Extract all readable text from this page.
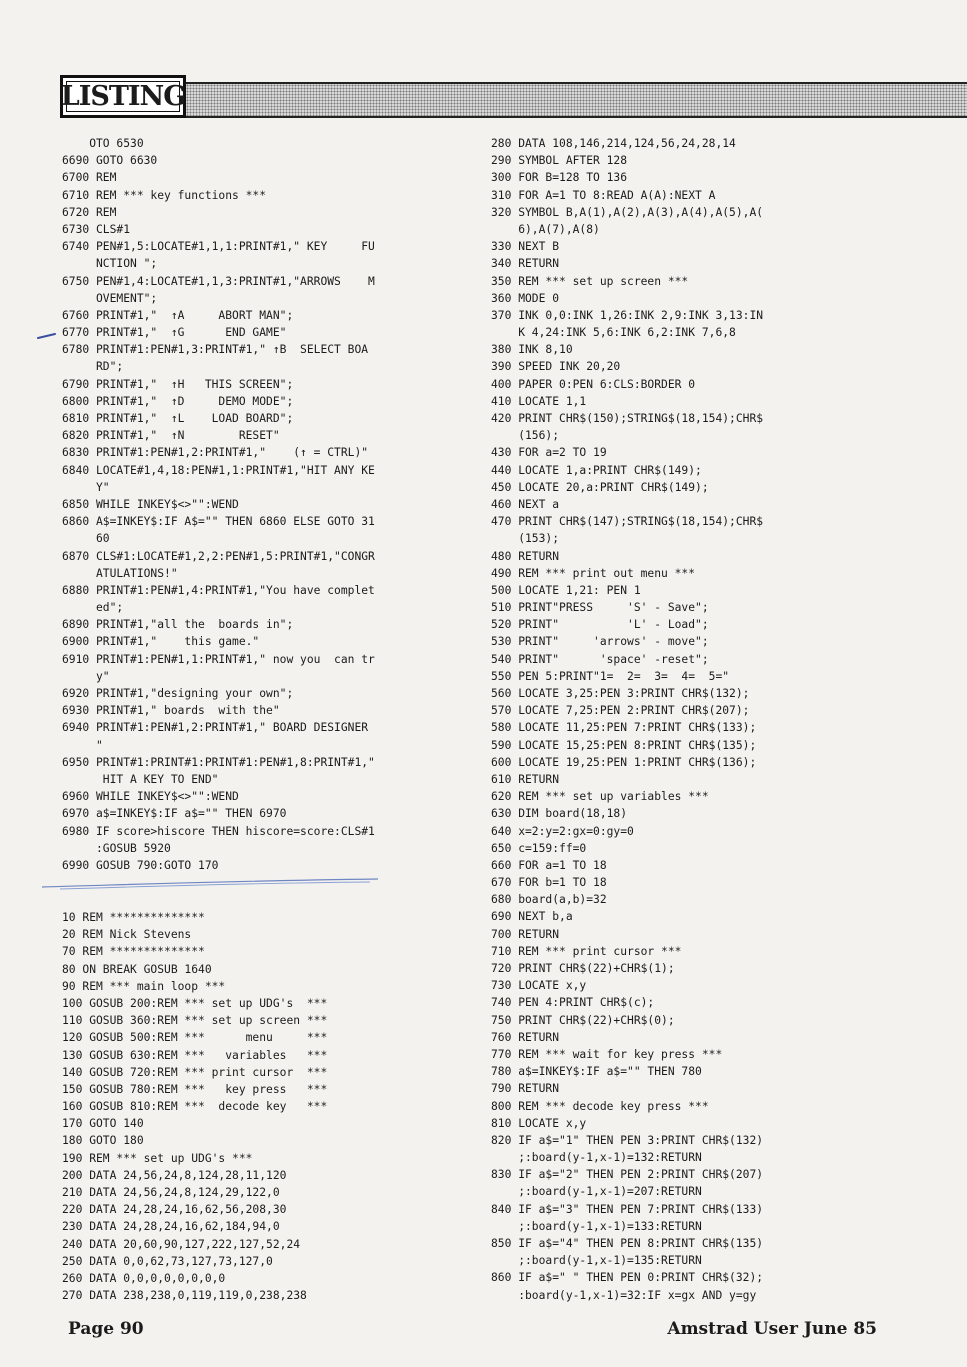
LISTING
OTO 6530
6690 GOTO 6630
6700 REM
6710 REM *** key functions ***
6720 REM
6730 CLS#1
6740 PEN#1,5:LOCATE#1,1,1:PRINT#1," KEY     FU
NCTION ";
6750 PEN#1,4:LOCATE#1,1,3:PRINT#1,"ARROWS    M
OVEMENT";
6760 PRINT#1,"  ↑A     ABORT MAN";
6770 PRINT#1,"  ↑G      END GAME"
6780 PRINT#1:PEN#1,3:PRINT#1," ↑B  SELECT BOA
RD";
6790 PRINT#1,"  ↑H   THIS SCREEN";
6800 PRINT#1,"  ↑D     DEMO MODE";
6810 PRINT#1,"  ↑L    LOAD BOARD";
6820 PRINT#1,"  ↑N        RESET"
6830 PRINT#1:PEN#1,2:PRINT#1,"    (↑ = CTRL)"
6840 LOCATE#1,4,18:PEN#1,1:PRINT#1,"HIT ANY KE
Y"
6850 WHILE INKEY$<>"":WEND
6860 A$=INKEY$:IF A$="" THEN 6860 ELSE GOTO 31
60
6870 CLS#1:LOCATE#1,2,2:PEN#1,5:PRINT#1,"CONGR
ATULATIONS!"
6880 PRINT#1:PEN#1,4:PRINT#1,"You have complet
ed";
6890 PRINT#1,"all the  boards in";
6900 PRINT#1,"    this game."
6910 PRINT#1:PEN#1,1:PRINT#1," now you  can tr
y"
6920 PRINT#1,"designing your own";
6930 PRINT#1," boards  with the"
6940 PRINT#1:PEN#1,2:PRINT#1," BOARD DESIGNER
"
6950 PRINT#1:PRINT#1:PRINT#1:PEN#1,8:PRINT#1,"
HIT A KEY TO END"
6960 WHILE INKEY$<>"":WEND
6970 a$=INKEY$:IF a$="" THEN 6970
6980 IF score>hiscore THEN hiscore=score:CLS#1
:GOSUB 5920
6990 GOSUB 790:GOTO 170
10 REM **************
20 REM Nick Stevens
70 REM **************
80 ON BREAK GOSUB 1640
90 REM *** main loop ***
100 GOSUB 200:REM *** set up UDG's  ***
110 GOSUB 360:REM *** set up screen ***
120 GOSUB 500:REM ***      menu     ***
130 GOSUB 630:REM ***   variables   ***
140 GOSUB 720:REM *** print cursor  ***
150 GOSUB 780:REM ***   key press   ***
160 GOSUB 810:REM ***  decode key   ***
170 GOTO 140
180 GOTO 180
190 REM *** set up UDG's ***
200 DATA 24,56,24,8,124,28,11,120
210 DATA 24,56,24,8,124,29,122,0
220 DATA 24,28,24,16,62,56,208,30
230 DATA 24,28,24,16,62,184,94,0
240 DATA 20,60,90,127,222,127,52,24
250 DATA 0,0,62,73,127,73,127,0
260 DATA 0,0,0,0,0,0,0,0
270 DATA 238,238,0,119,119,0,238,238
280 DATA 108,146,214,124,56,24,28,14
290 SYMBOL AFTER 128
300 FOR B=128 TO 136
310 FOR A=1 TO 8:READ A(A):NEXT A
320 SYMBOL B,A(1),A(2),A(3),A(4),A(5),A(
6),A(7),A(8)
330 NEXT B
340 RETURN
350 REM *** set up screen ***
360 MODE 0
370 INK 0,0:INK 1,26:INK 2,9:INK 3,13:IN
K 4,24:INK 5,6:INK 6,2:INK 7,6,8
380 INK 8,10
390 SPEED INK 20,20
400 PAPER 0:PEN 6:CLS:BORDER 0
410 LOCATE 1,1
420 PRINT CHR$(150);STRING$(18,154);CHR$
(156);
430 FOR a=2 TO 19
440 LOCATE 1,a:PRINT CHR$(149);
450 LOCATE 20,a:PRINT CHR$(149);
460 NEXT a
470 PRINT CHR$(147);STRING$(18,154);CHR$
(153);
480 RETURN
490 REM *** print out menu ***
500 LOCATE 1,21: PEN 1
510 PRINT"PRESS     'S' - Save";
520 PRINT"          'L' - Load";
530 PRINT"     'arrows' - move";
540 PRINT"      'space' -reset";
550 PEN 5:PRINT"1=  2=  3=  4=  5="
560 LOCATE 3,25:PEN 3:PRINT CHR$(132);
570 LOCATE 7,25:PEN 2:PRINT CHR$(207);
580 LOCATE 11,25:PEN 7:PRINT CHR$(133);
590 LOCATE 15,25:PEN 8:PRINT CHR$(135);
600 LOCATE 19,25:PEN 1:PRINT CHR$(136);
610 RETURN
620 REM *** set up variables ***
630 DIM board(18,18)
640 x=2:y=2:gx=0:gy=0
650 c=159:ff=0
660 FOR a=1 TO 18
670 FOR b=1 TO 18
680 board(a,b)=32
690 NEXT b,a
700 RETURN
710 REM *** print cursor ***
720 PRINT CHR$(22)+CHR$(1);
730 LOCATE x,y
740 PEN 4:PRINT CHR$(c);
750 PRINT CHR$(22)+CHR$(0);
760 RETURN
770 REM *** wait for key press ***
780 a$=INKEY$:IF a$="" THEN 780
790 RETURN
800 REM *** decode key press ***
810 LOCATE x,y
820 IF a$="1" THEN PEN 3:PRINT CHR$(132)
;:board(y-1,x-1)=132:RETURN
830 IF a$="2" THEN PEN 2:PRINT CHR$(207)
;:board(y-1,x-1)=207:RETURN
840 IF a$="3" THEN PEN 7:PRINT CHR$(133)
;:board(y-1,x-1)=133:RETURN
850 IF a$="4" THEN PEN 8:PRINT CHR$(135)
;:board(y-1,x-1)=135:RETURN
860 IF a$=" " THEN PEN 0:PRINT CHR$(32);
:board(y-1,x-1)=32:IF x=gx AND y=gy
Page 90	Amstrad User June 85
